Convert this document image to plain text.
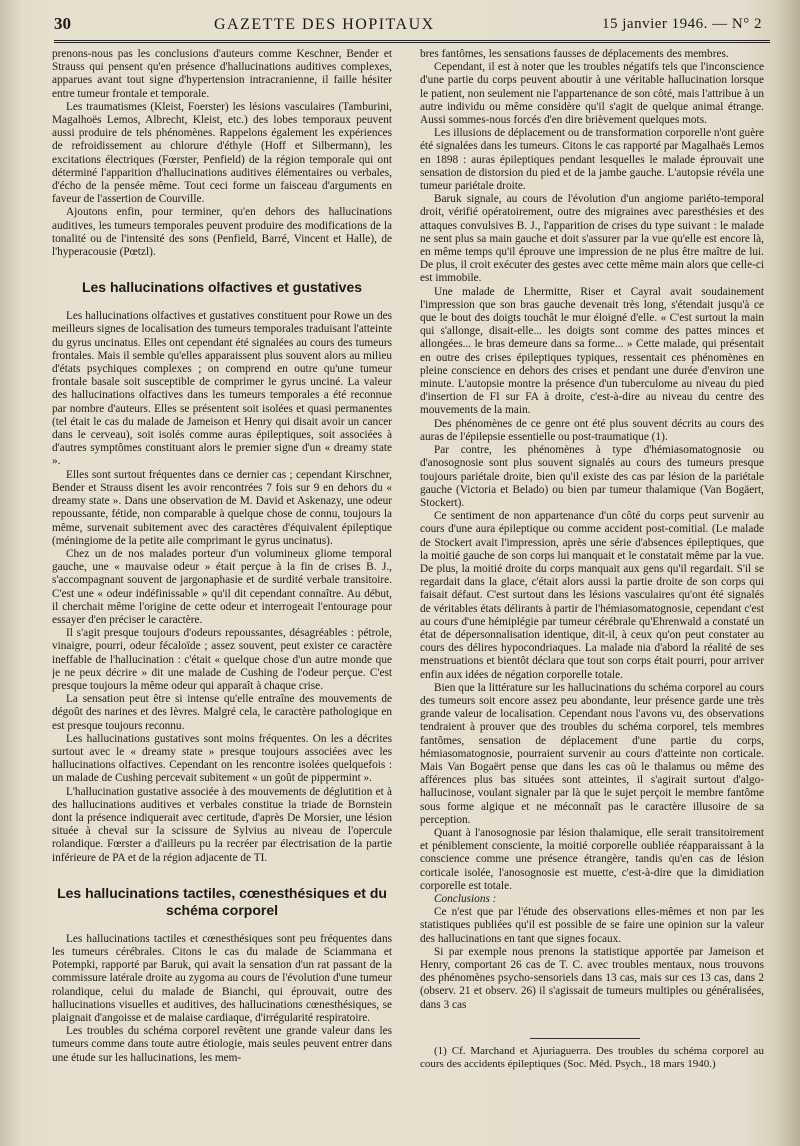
30	GAZETTE DES HOPITAUX	15 janvier 1946. — N° 2

prenons-nous pas les conclusions d'auteurs comme Keschner, Bender et Strauss qui pensent qu'en présence d'hallucinations auditives complexes, apparues avant tout signe d'hypertension intracranienne, il faille hésiter entre tumeur frontale et temporale.

Les traumatismes (Kleist, Foerster) les lésions vasculaires (Tamburini, Magalhoës Lemos, Albrecht, Kleist, etc.) des lobes temporaux peuvent aussi produire de tels phénomènes. Rappelons également les expériences de refroidissement au chlorure d'éthyle (Hoff et Silbermann), les excitations électriques (Fœrster, Penfield) de la région temporale qui ont déterminé l'apparition d'hallucinations auditives élémentaires ou verbales, d'écho de la pensée même. Tout ceci forme un faisceau d'arguments en faveur de l'assertion de Courville.

Ajoutons enfin, pour terminer, qu'en dehors des hallucinations auditives, les tumeurs temporales peuvent produire des modifications de la tonalité ou de l'intensité des sons (Penfield, Barré, Vincent et Halle), de l'hyperacousie (Pœtzl).

Les hallucinations olfactives et gustatives

Les hallucinations olfactives et gustatives constituent pour Rowe un des meilleurs signes de localisation des tumeurs temporales traduisant l'atteinte du gyrus uncinatus. Elles ont cependant été signalées au cours des tumeurs frontales. Mais il semble qu'elles apparaissent plus souvent alors au milieu d'états psychiques complexes ; on comprend en outre qu'une tumeur frontale basale soit susceptible de comprimer le gyrus unciné. La valeur des hallucinations olfactives dans les tumeurs temporales a été reconnue par nombre d'auteurs. Elles se présentent soit isolées et quasi permanentes (tel était le cas du malade de Jameison et Henry qui disait avoir un cancer dans le cerveau), soit isolés comme auras épileptiques, soit associées à d'autres symptômes constituant alors le premier signe d'un « dreamy state ».

Elles sont surtout fréquentes dans ce dernier cas ; cependant Kirschner, Bender et Strauss disent les avoir rencontrées 7 fois sur 9 en dehors du « dreamy state ». Dans une observation de M. David et Askenazy, une odeur repoussante, fétide, non comparable à quelque chose de connu, toujours la même, survenait subitement avec des caractères d'équivalent épileptique (méningiome de la petite aile comprimant le gyrus uncinatus).

Chez un de nos malades porteur d'un volumineux gliome temporal gauche, une « mauvaise odeur » était perçue à la fin de crises B. J., s'accompagnant souvent de jargonaphasie et de surdité verbale transitoire. C'est une « odeur indéfinissable » qu'il dit cependant connaître. Au début, il cherchait même l'origine de cette odeur et interrogeait l'entourage pour essayer d'en préciser le caractère.

Il s'agit presque toujours d'odeurs repoussantes, désagréables : pétrole, vinaigre, pourri, odeur fécaloïde ; assez souvent, peut exister ce caractère ineffable de l'hallucination : c'était « quelque chose d'un autre monde que je ne peux décrire » dit une malade de Cushing de l'odeur perçue. C'est presque toujours la même odeur qui apparaît à chaque crise.

La sensation peut être si intense qu'elle entraîne des mouvements de dégoût des narines et des lèvres. Malgré cela, le caractère pathologique en est presque toujours reconnu.

Les hallucinations gustatives sont moins fréquentes. On les a décrites surtout avec le « dreamy state » presque toujours associées avec les hallucinations olfactives. Cependant on les rencontre isolées quelquefois : un malade de Cushing percevait subitement « un goût de pippermint ».

L'hallucination gustative associée à des mouvements de déglutition et à des hallucinations auditives et verbales constitue la triade de Bornstein dont la présence indiquerait avec certitude, d'après De Morsier, une lésion située à cheval sur la scissure de Sylvius au niveau de l'opercule rolandique. Fœrster a d'ailleurs pu la recréer par électrisation de la partie inférieure de PA et de la région adjacente de TI.

Les hallucinations tactiles, cœnesthésiques et du schéma corporel

Les hallucinations tactiles et cœnesthésiques sont peu fréquentes dans les tumeurs cérébrales. Citons le cas du malade de Sciammana et Potempki, rapporté par Baruk, qui avait la sensation d'un rat passant de la commissure latérale droite au zygoma au cours de l'évolution d'une tumeur rolandique, celui du malade de Bianchi, qui éprouvait, outre des hallucinations visuelles et auditives, des hallucinations cœnesthésiques, se plaignait d'angoisse et de malaise cardiaque, d'irrégularité respiratoire.

Les troubles du schéma corporel revêtent une grande valeur dans les tumeurs comme dans toute autre étiologie, mais seules peuvent entrer dans une étude sur les hallucinations, les mem-

bres fantômes, les sensations fausses de déplacements des membres.

Cependant, il est à noter que les troubles négatifs tels que l'inconscience d'une partie du corps peuvent aboutir à une véritable hallucination lorsque le patient, non seulement nie l'appartenance de son côté, mais l'attribue à un autre individu ou même considère qu'il s'agit de quelque animal étrange. Aussi sommes-nous forcés d'en dire brièvement quelques mots.

Les illusions de déplacement ou de transformation corporelle n'ont guère été signalées dans les tumeurs. Citons le cas rapporté par Magalhaës Lemos en 1898 : auras épileptiques pendant lesquelles le malade éprouvait une sensation de distorsion du pied et de la jambe gauche. L'autopsie révéla une tumeur pariétale droite.

Baruk signale, au cours de l'évolution d'un angiome pariéto-temporal droit, vérifié opératoirement, outre des migraines avec paresthésies et des attaques convulsives B. J., l'apparition de crises du type suivant : le malade ne sent plus sa main gauche et doit s'assurer par la vue qu'elle est encore là, en même temps qu'il éprouve une impression de ne plus être maître de lui. De plus, il croit exécuter des gestes avec cette même main alors que celle-ci est immobile.

Une malade de Lhermitte, Riser et Cayral avait soudainement l'impression que son bras gauche devenait très long, s'étendait jusqu'à ce que le bout des doigts touchât le mur éloigné d'elle. « C'est surtout la main qui s'allonge, disait-elle... les doigts sont comme des pattes minces et allongées... le bras demeure dans sa forme... » Cette malade, qui présentait en outre des crises épileptiques typiques, ressentait ces phénomènes en pleine conscience en dehors des crises et pendant une durée d'environ une minute. L'autopsie montre la présence d'un tuberculome au niveau du pied d'insertion de FI sur FA à droite, c'est-à-dire au niveau du centre des mouvements de la main.

Des phénomènes de ce genre ont été plus souvent décrits au cours des auras de l'épilepsie essentielle ou post-traumatique (1).

Par contre, les phénomènes à type d'hémiasomatognosie ou d'anosognosie sont plus souvent signalés au cours des tumeurs presque toujours pariétale droite, bien qu'il existe des cas par lésion de la pariétale gauche (Victoria et Belado) ou bien par tumeur thalamique (Van Bogäert, Stockert).

Ce sentiment de non appartenance d'un côté du corps peut survenir au cours d'une aura épileptique ou comme accident post-comitial. (Le malade de Stockert avait l'impression, après une série d'absences épileptiques, que la moitié gauche de son corps lui manquait et le constatait même par la vue. De plus, la moitié droite du corps manquait aux gens qu'il regardait. S'il se regardait dans la glace, c'était alors aussi la partie droite de son corps qui faisait défaut. C'est surtout dans les lésions vasculaires qu'ont été signalés de véritables états délirants à partir de l'hémiasomatognosie, cependant c'est au cours d'une hémiplégie par tumeur cérébrale qu'Ehrenwald a constaté un état de dépersonnalisation identique, dit-il, à ceux qu'on peut constater au cours des délires hypocondriaques. La malade nia d'abord la réalité de ses menstruations et bientôt déclara que tout son corps était pourri, pour arriver enfin aux idées de négation corporelle totale.

Bien que la littérature sur les hallucinations du schéma corporel au cours des tumeurs soit encore assez peu abondante, leur présence garde une très grande valeur de localisation. Cependant nous l'avons vu, des observations tendraient à prouver que des troubles du schéma corporel, tels membres fantômes, sensation de déplacement d'une partie du corps, hémiasomatognosie, pourraient survenir au cours d'atteinte non corticale. Mais Van Bogaërt pense que dans les cas où le thalamus ou même des afférences plus bas situées sont atteintes, il s'agirait surtout d'algo-hallucinose, voulant signaler par là que le sujet perçoit le membre fantôme sous forme algique et ne méconnaît pas le caractère illusoire de sa perception.

Quant à l'anosognosie par lésion thalamique, elle serait transitoirement et péniblement consciente, la moitié corporelle oubliée réapparaissant à la conscience comme une présence étrangère, tandis qu'en cas de lésion corticale isolée, l'anosognosie est muette, c'est-à-dire que la dimidiation corporelle est totale.

Conclusions :

Ce n'est que par l'étude des observations elles-mêmes et non par les statistiques publiées qu'il est possible de se faire une opinion sur la valeur des hallucinations en tant que signes focaux.

Si par exemple nous prenons la statistique apportée par Jameison et Henry, comportant 26 cas de T. C. avec troubles mentaux, nous trouvons des phénomènes psycho-sensoriels dans 13 cas, mais sur ces 13 cas, dans 2 (observ. 21 et observ. 26) il s'agissait de tumeurs multiples ou généralisées, dans 3 cas

(1) Cf. Marchand et Ajuriaguerra. Des troubles du schéma corporel au cours des accidents épileptiques (Soc. Méd. Psych., 18 mars 1940.)
